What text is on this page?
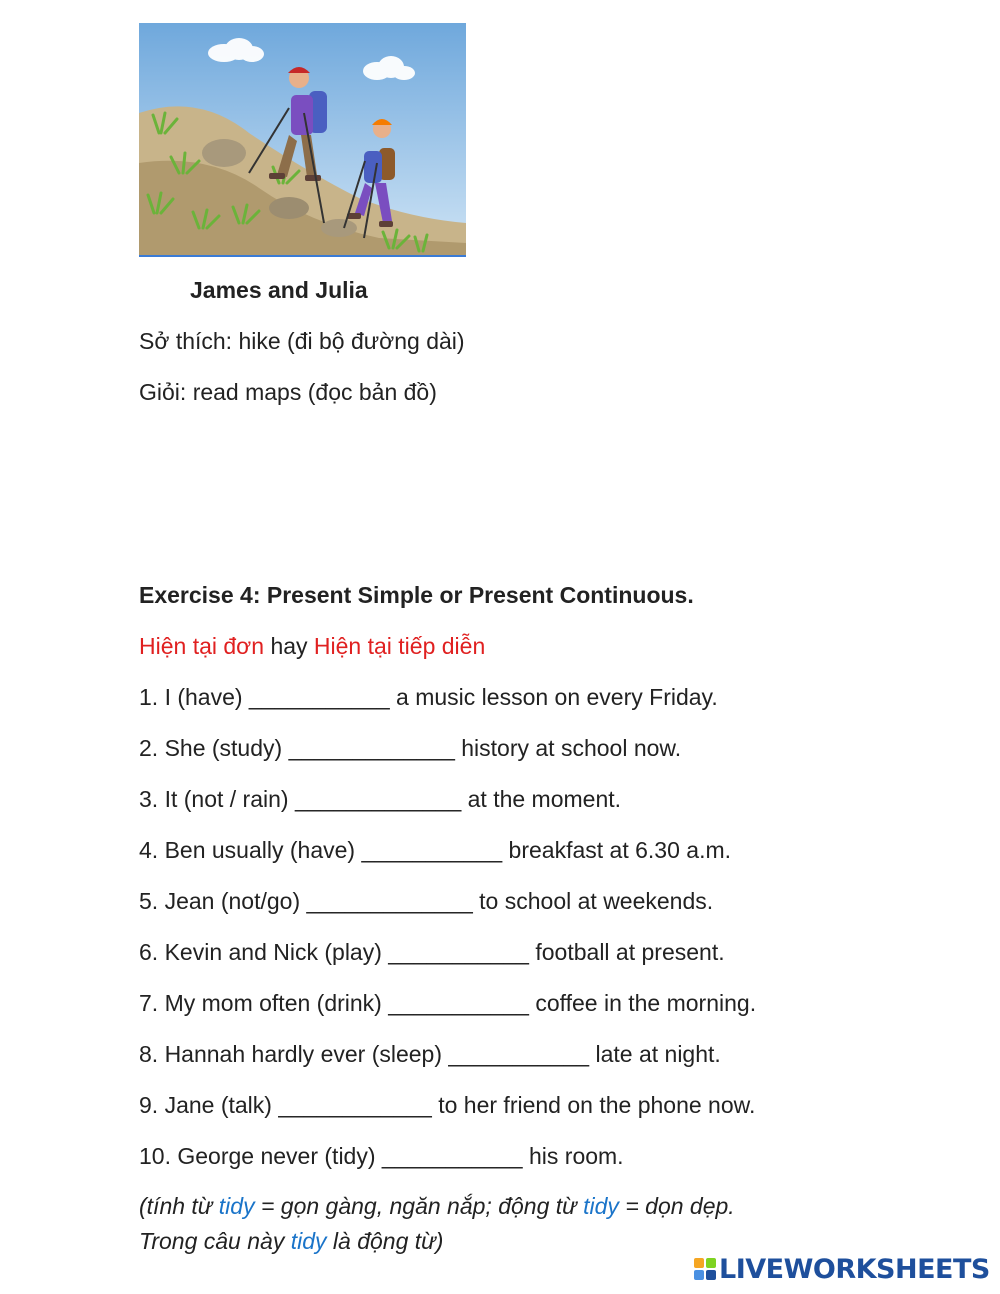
James and Julia
Sở thích: hike (đi bộ đường dài)
Giỏi: read maps (đọc bản đồ)
Exercise 4: Present Simple or Present Continuous.
Hiện tại đơn hay Hiện tại tiếp diễn
1. I (have) ___________ a music lesson on every Friday.
2. She (study) _____________ history at school now.
3. It (not / rain) _____________ at the moment.
4. Ben usually (have) ___________ breakfast at 6.30 a.m.
5. Jean (not/go) _____________ to school at weekends.
6. Kevin and Nick (play) ___________ football at present.
7. My mom often (drink) ___________ coffee in the morning.
8. Hannah hardly ever (sleep) ___________ late at night.
9. Jane (talk) ____________ to her friend on the phone now.
10. George never (tidy) ___________ his room.
(tính từ tidy = gọn gàng, ngăn nắp; động từ tidy = dọn dẹp.
Trong câu này tidy là động từ)
LIVEWORKSHEETS
